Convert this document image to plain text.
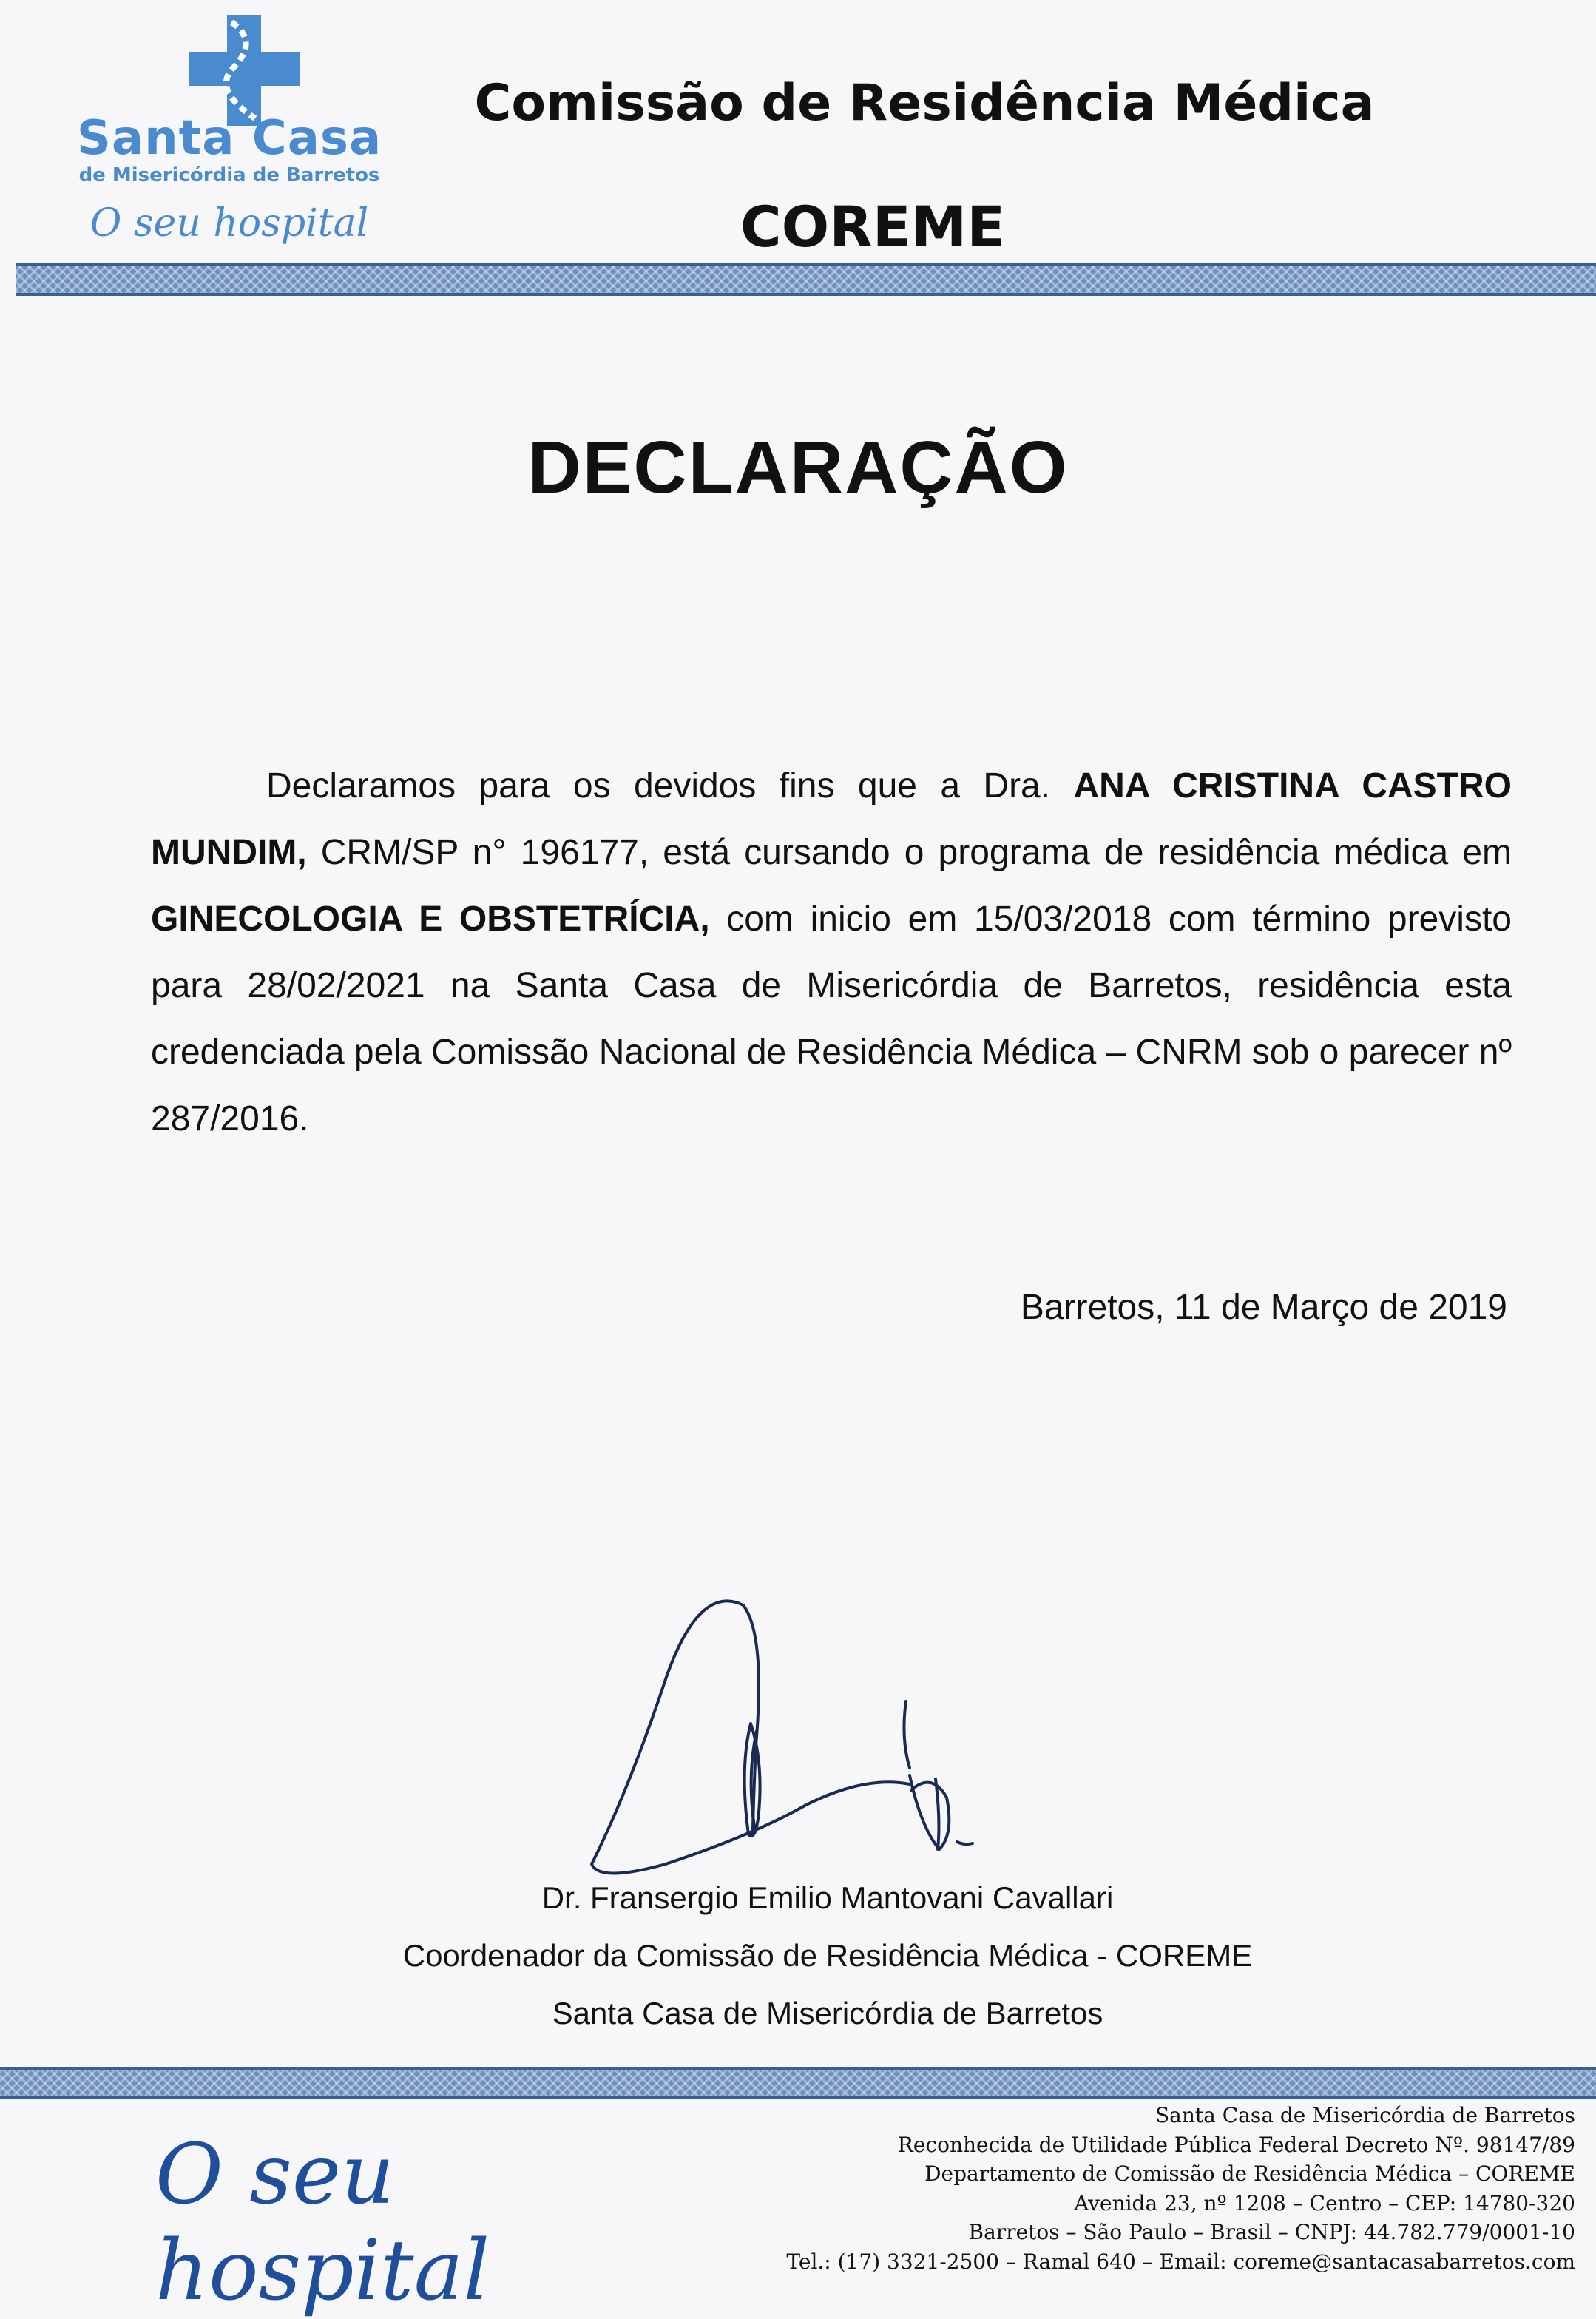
Santa Casa
de Misericórdia de Barretos
O seu hospital
Comissão de Residência Médica
COREME
DECLARAÇÃO

Declaramos para os devidos fins que a Dra. ANA CRISTINA CASTRO MUNDIM, CRM/SP n° 196177, está cursando o programa de residência médica em GINECOLOGIA E OBSTETRÍCIA, com inicio em 15/03/2018 com término previsto para 28/02/2021 na Santa Casa de Misericórdia de Barretos, residência esta credenciada pela Comissão Nacional de Residência Médica – CNRM sob o parecer nº 287/2016.

Barretos, 11 de Março de 2019
Dr. Fransergio Emilio Mantovani Cavallari
Coordenador da Comissão de Residência Médica - COREME
Santa Casa de Misericórdia de Barretos
O seu hospital
Santa Casa de Misericórdia de Barretos
Reconhecida de Utilidade Pública Federal Decreto Nº. 98147/89
Departamento de Comissão de Residência Médica – COREME
Avenida 23, nº 1208 – Centro – CEP: 14780-320
Barretos – São Paulo – Brasil – CNPJ: 44.782.779/0001-10
Tel.: (17) 3321-2500 – Ramal 640 – Email: coreme@santacasabarretos.com
